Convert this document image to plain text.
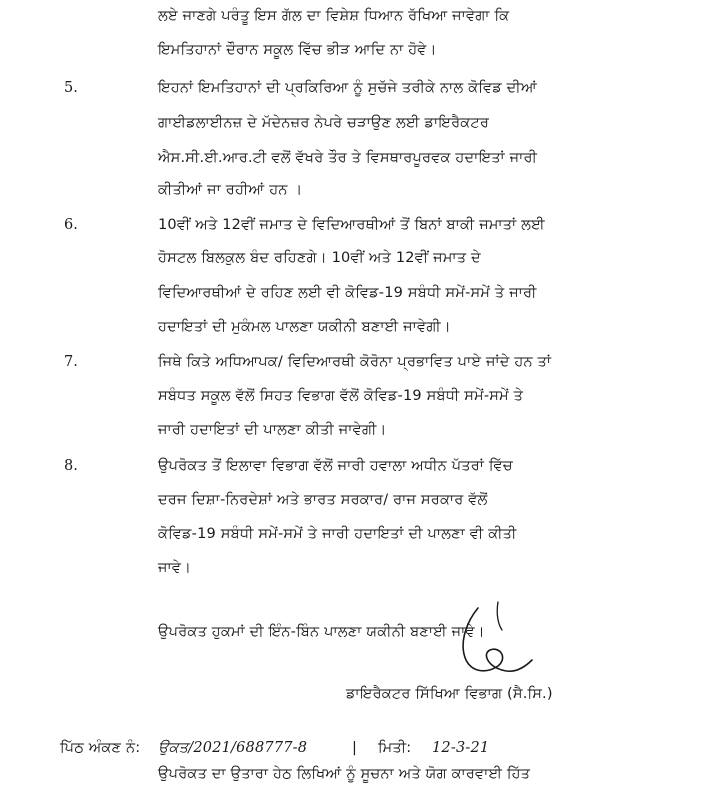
ਲਏ ਜਾਣਗੇ ਪਰੰਤੂ ਇਸ ਗੱਲ ਦਾ ਵਿਸ਼ੇਸ਼ ਧਿਆਨ ਰੱਖਿਆ ਜਾਵੇਗਾ ਕਿ
ਇਮਤਿਹਾਨਾਂ ਦੌਰਾਨ ਸਕੂਲ ਵਿੱਚ ਭੀੜ ਆਦਿ ਨਾ ਹੋਵੇ।
5.	ਇਹਨਾਂ ਇਮਤਿਹਾਨਾਂ ਦੀ ਪ੍ਰਕਿਰਿਆ ਨੂੰ ਸੁਚੱਜੇ ਤਰੀਕੇ ਨਾਲ ਕੋਵਿਡ ਦੀਆਂ
ਗਾਈਡਲਾਈਨਜ਼ ਦੇ ਮੱਦੇਨਜ਼ਰ ਨੇਪਰੇ ਚੜਾਉਣ ਲਈ ਡਾਇਰੈਕਟਰ
ਐਸ.ਸੀ.ਈ.ਆਰ.ਟੀ ਵਲੋਂ ਵੱਖਰੇ ਤੌਰ ਤੇ ਵਿਸਥਾਰਪੂਰਵਕ ਹਦਾਇਤਾਂ ਜਾਰੀ
ਕੀਤੀਆਂ ਜਾ ਰਹੀਆਂ ਹਨ ।
6.	10ਵੀਂ ਅਤੇ 12ਵੀਂ ਜਮਾਤ ਦੇ ਵਿਦਿਆਰਥੀਆਂ ਤੋਂ ਬਿਨਾਂ ਬਾਕੀ ਜਮਾਤਾਂ ਲਈ
ਹੋਸਟਲ ਬਿਲਕੁਲ ਬੰਦ ਰਹਿਣਗੇ। 10ਵੀਂ ਅਤੇ 12ਵੀਂ ਜਮਾਤ ਦੇ
ਵਿਦਿਆਰਥੀਆਂ ਦੇ ਰਹਿਣ ਲਈ ਵੀ ਕੋਵਿਡ-19 ਸਬੰਧੀ ਸਮੇਂ-ਸਮੇਂ ਤੇ ਜਾਰੀ
ਹਦਾਇਤਾਂ ਦੀ ਮੁਕੰਮਲ ਪਾਲਣਾ ਯਕੀਨੀ ਬਣਾਈ ਜਾਵੇਗੀ।
7.	ਜਿਥੇ ਕਿਤੇ ਅਧਿਆਪਕ/ ਵਿਦਿਆਰਥੀ ਕੋਰੋਨਾ ਪ੍ਰਭਾਵਿਤ ਪਾਏ ਜਾਂਦੇ ਹਨ ਤਾਂ
ਸਬੰਧਤ ਸਕੂਲ ਵੱਲੋਂ ਸਿਹਤ ਵਿਭਾਗ ਵੱਲੋਂ ਕੋਵਿਡ-19 ਸਬੰਧੀ ਸਮੇਂ-ਸਮੇਂ ਤੇ
ਜਾਰੀ ਹਦਾਇਤਾਂ ਦੀ ਪਾਲਣਾ ਕੀਤੀ ਜਾਵੇਗੀ।
8.	ਉਪਰੋਕਤ ਤੋਂ ਇਲਾਵਾ ਵਿਭਾਗ ਵੱਲੋਂ ਜਾਰੀ ਹਵਾਲਾ ਅਧੀਨ ਪੱਤਰਾਂ ਵਿੱਚ
ਦਰਜ ਦਿਸ਼ਾ-ਨਿਰਦੇਸ਼ਾਂ ਅਤੇ ਭਾਰਤ ਸਰਕਾਰ/ ਰਾਜ ਸਰਕਾਰ ਵੱਲੋਂ
ਕੋਵਿਡ-19 ਸਬੰਧੀ ਸਮੇਂ-ਸਮੇਂ ਤੇ ਜਾਰੀ ਹਦਾਇਤਾਂ ਦੀ ਪਾਲਣਾ ਵੀ ਕੀਤੀ
ਜਾਵੇ।
ਉਪਰੋਕਤ ਹੁਕਮਾਂ ਦੀ ਇੰਨ-ਬਿੰਨ ਪਾਲਣਾ ਯਕੀਨੀ ਬਣਾਈ ਜਾਵੇ।
ਡਾਇਰੈਕਟਰ ਸਿੱਖਿਆ ਵਿਭਾਗ (ਸੈ.ਸਿ.)
ਪਿੱਠ ਅੰਕਣ ਨੰ: ਉਕਤ/2021/688777-8	| ਮਿਤੀ: 12-3-21
ਉਪਰੋਕਤ ਦਾ ਉਤਾਰਾ ਹੇਠ ਲਿਖਿਆਂ ਨੂੰ ਸੂਚਨਾ ਅਤੇ ਯੋਗ ਕਾਰਵਾਈ ਹਿੱਤ
